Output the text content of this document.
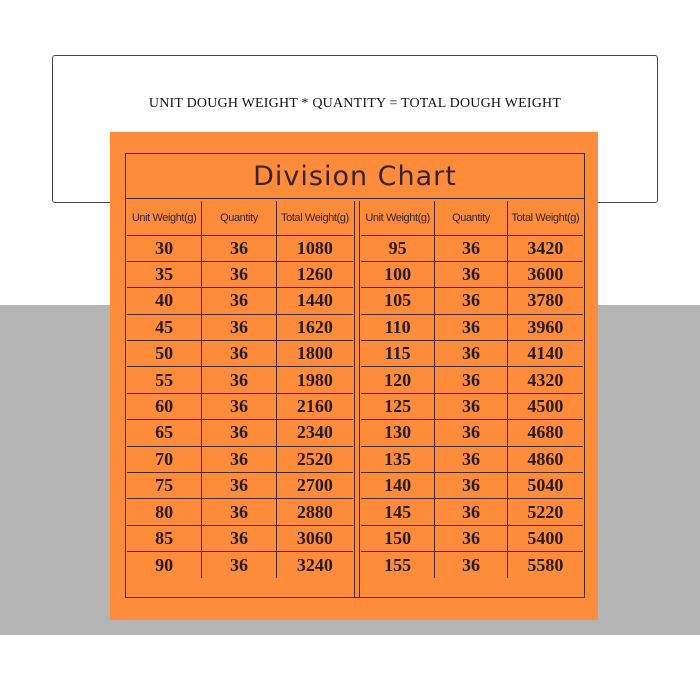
UNIT DOUGH WEIGHT * QUANTITY = TOTAL DOUGH WEIGHT
Division Chart
Unit Weight(g)	Quantity	Total Weight(g)
30	36	1080
35	36	1260
40	36	1440
45	36	1620
50	36	1800
55	36	1980
60	36	2160
65	36	2340
70	36	2520
75	36	2700
80	36	2880
85	36	3060
90	36	3240
Unit Weight(g)	Quantity	Total Weight(g)
95	36	3420
100	36	3600
105	36	3780
110	36	3960
115	36	4140
120	36	4320
125	36	4500
130	36	4680
135	36	4860
140	36	5040
145	36	5220
150	36	5400
155	36	5580
